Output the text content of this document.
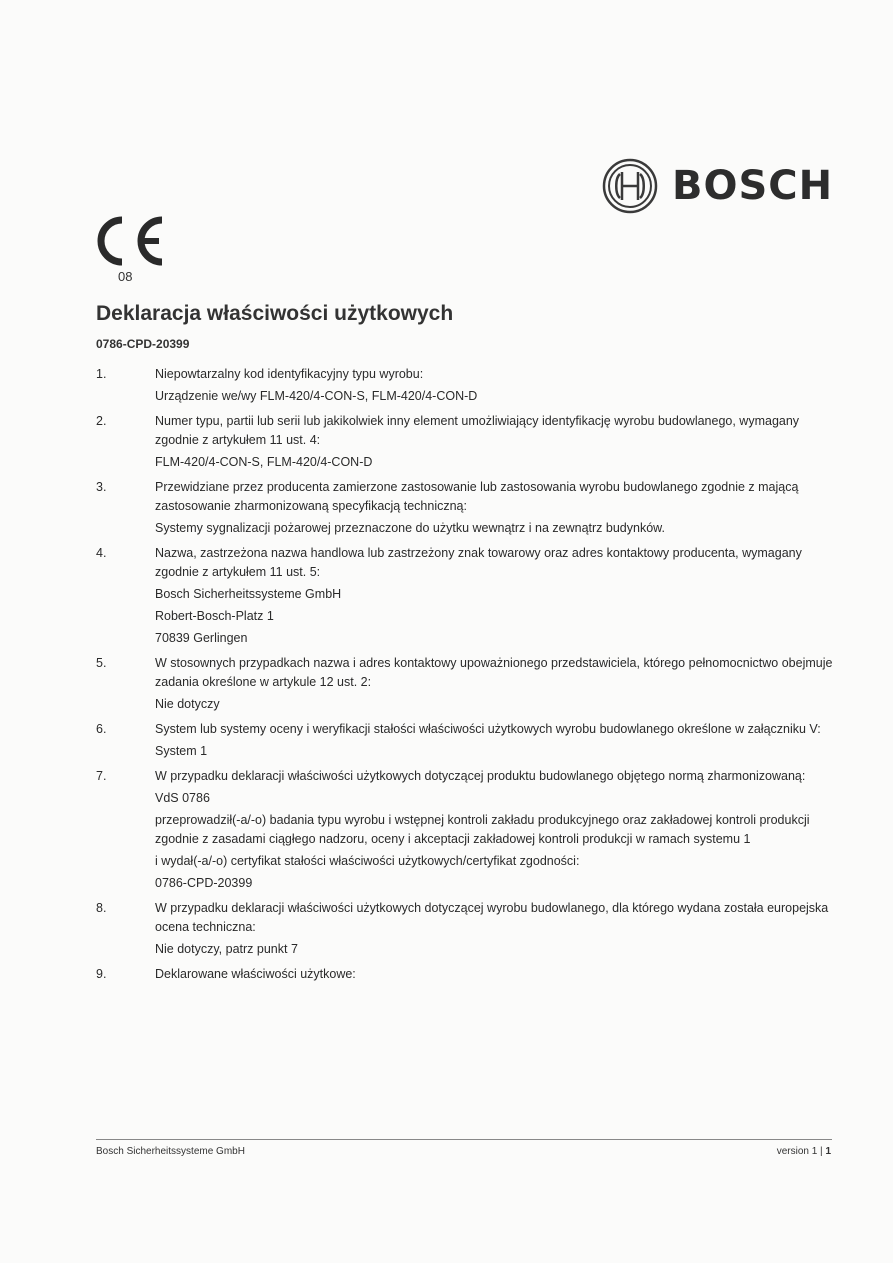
BOSCH
08
Deklaracja właściwości użytkowych
0786-CPD-20399
1.	Niepowtarzalny kod identyfikacyjny typu wyrobu:

Urządzenie we/wy FLM-420/4-CON-S, FLM-420/4-CON-D

2.	Numer typu, partii lub serii lub jakikolwiek inny element umożliwiający identyfikację wyrobu budowlanego, wymagany zgodnie z artykułem 11 ust. 4:

FLM-420/4-CON-S, FLM-420/4-CON-D

3.	Przewidziane przez producenta zamierzone zastosowanie lub zastosowania wyrobu budowlanego zgodnie z mającą zastosowanie zharmonizowaną specyfikacją techniczną:

Systemy sygnalizacji pożarowej przeznaczone do użytku wewnątrz i na zewnątrz budynków.

4.	Nazwa, zastrzeżona nazwa handlowa lub zastrzeżony znak towarowy oraz adres kontaktowy producenta, wymagany zgodnie z artykułem 11 ust. 5:

Bosch Sicherheitssysteme GmbH

Robert-Bosch-Platz 1

70839 Gerlingen

5.	W stosownych przypadkach nazwa i adres kontaktowy upoważnionego przedstawiciela, którego pełnomocnictwo obejmuje zadania określone w artykule 12 ust. 2:

Nie dotyczy

6.	System lub systemy oceny i weryfikacji stałości właściwości użytkowych wyrobu budowlanego określone w załączniku V:

System 1

7.	W przypadku deklaracji właściwości użytkowych dotyczącej produktu budowlanego objętego normą zharmonizowaną:

VdS 0786

przeprowadził(-a/-o) badania typu wyrobu i wstępnej kontroli zakładu produkcyjnego oraz zakładowej kontroli produkcji zgodnie z zasadami ciągłego nadzoru, oceny i akceptacji zakładowej kontroli produkcji w ramach systemu 1

i wydał(-a/-o) certyfikat stałości właściwości użytkowych/certyfikat zgodności:

0786-CPD-20399

8.	W przypadku deklaracji właściwości użytkowych dotyczącej wyrobu budowlanego, dla którego wydana została europejska ocena techniczna:

Nie dotyczy, patrz punkt 7

9.	Deklarowane właściwości użytkowe:

Bosch Sicherheitssysteme GmbH	version 1 | 1
